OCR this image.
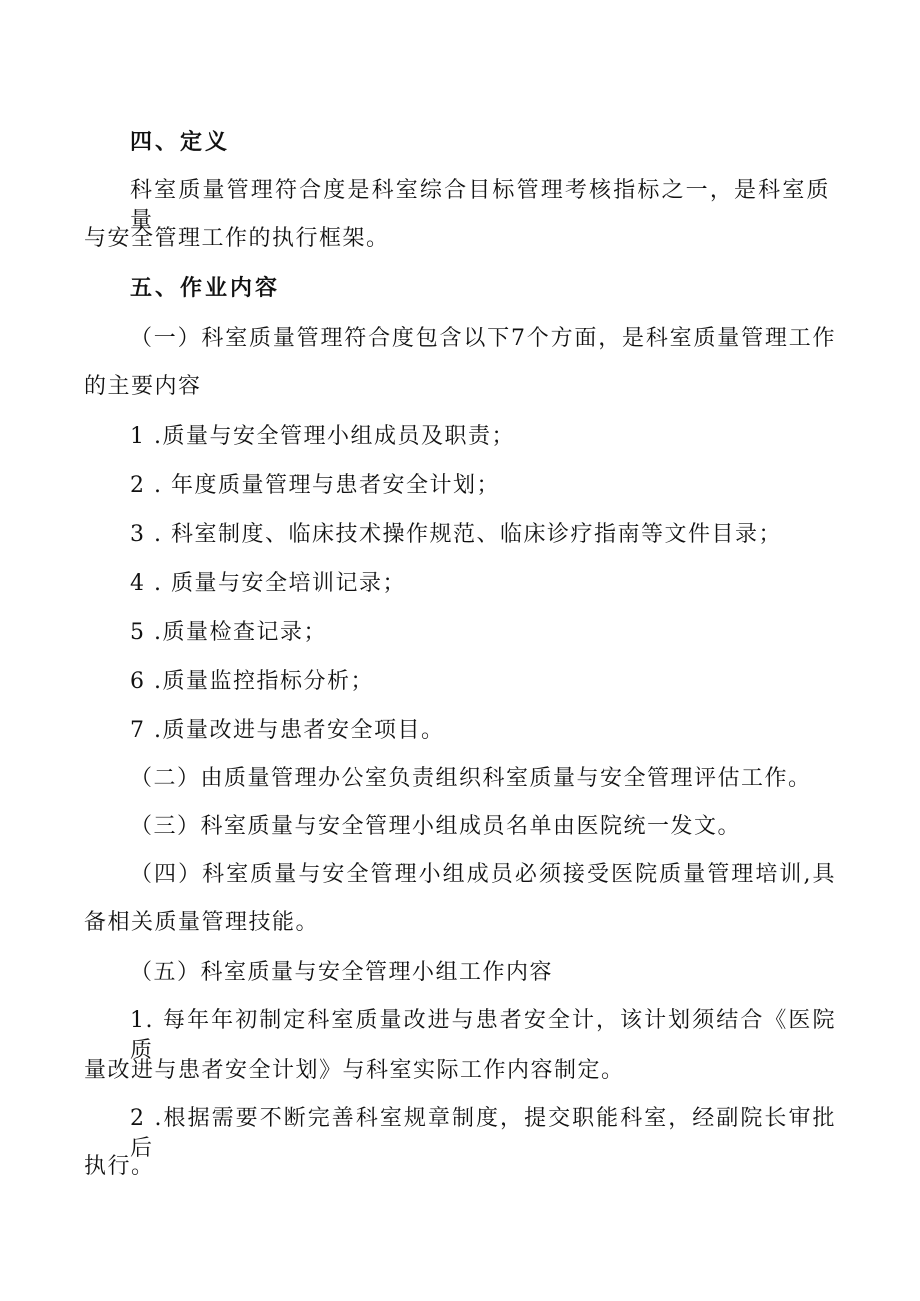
四、定义
科室质量管理符合度是科室综合目标管理考核指标之一，是科室质量
与安全管理工作的执行框架。
五、作业内容
（一）科室质量管理符合度包含以下7个方面，是科室质量管理工作
的主要内容
1 .质量与安全管理小组成员及职责；
2 . 年度质量管理与患者安全计划；
3 . 科室制度、临床技术操作规范、临床诊疗指南等文件目录；
4 . 质量与安全培训记录；
5 .质量检查记录；
6 .质量监控指标分析；
7 .质量改进与患者安全项目。
（二）由质量管理办公室负责组织科室质量与安全管理评估工作。
（三）科室质量与安全管理小组成员名单由医院统一发文。
（四）科室质量与安全管理小组成员必须接受医院质量管理培训,具
备相关质量管理技能。
（五）科室质量与安全管理小组工作内容
1. 每年年初制定科室质量改进与患者安全计，该计划须结合《医院质
量改进与患者安全计划》与科室实际工作内容制定。
2 .根据需要不断完善科室规章制度，提交职能科室，经副院长审批后
执行。
